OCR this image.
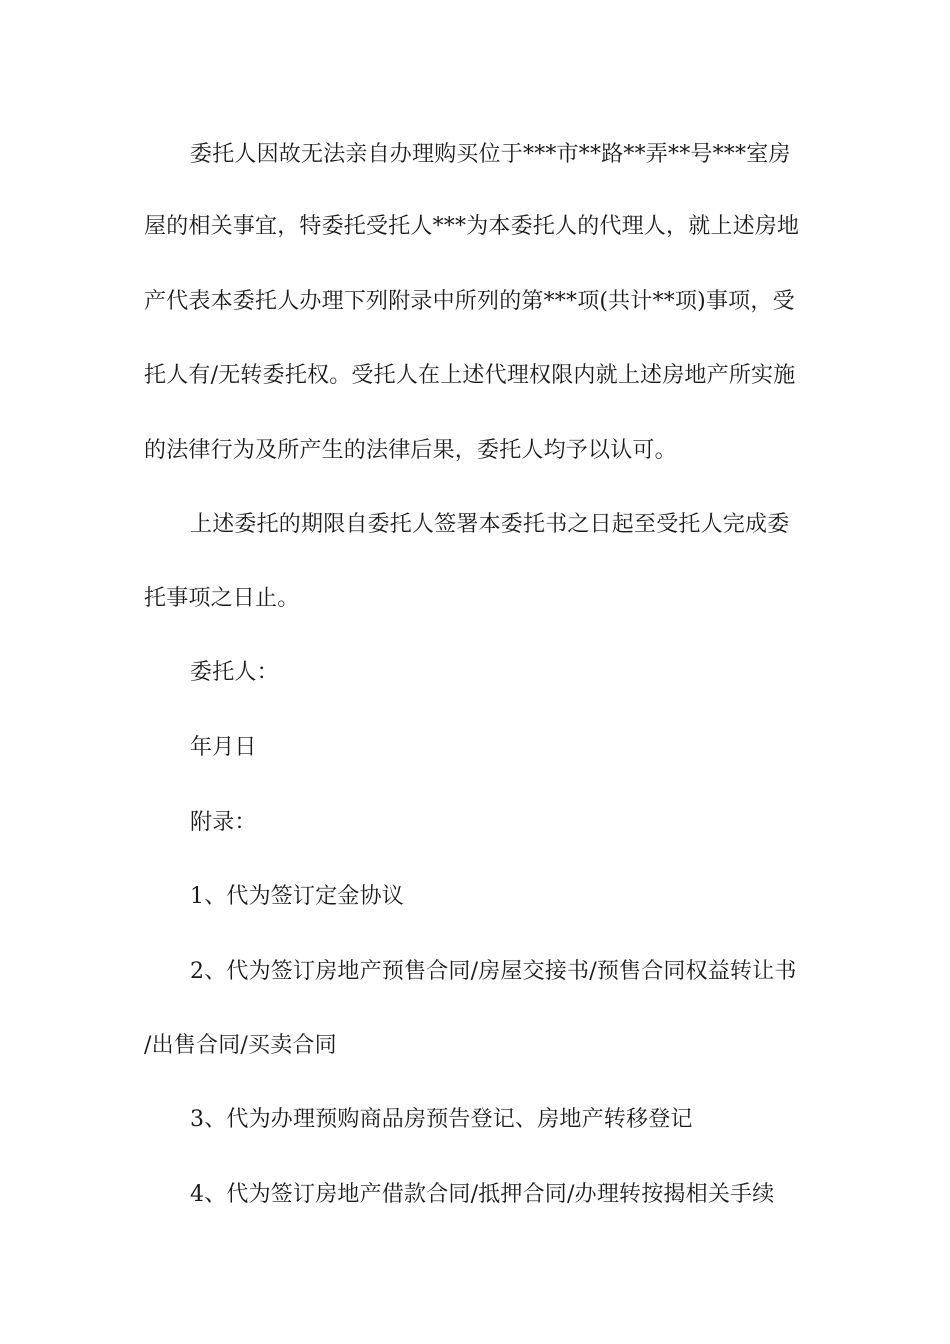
委托人因故无法亲自办理购买位于***市**路**弄**号***室房
屋的相关事宜，特委托受托人***为本委托人的代理人，就上述房地
产代表本委托人办理下列附录中所列的第***项(共计**项)事项，受
托人有/无转委托权。受托人在上述代理权限内就上述房地产所实施
的法律行为及所产生的法律后果，委托人均予以认可。
上述委托的期限自委托人签署本委托书之日起至受托人完成委
托事项之日止。
委托人：
年月日
附录：
1、代为签订定金协议
2、代为签订房地产预售合同/房屋交接书/预售合同权益转让书
/出售合同/买卖合同
3、代为办理预购商品房预告登记、房地产转移登记
4、代为签订房地产借款合同/抵押合同/办理转按揭相关手续
